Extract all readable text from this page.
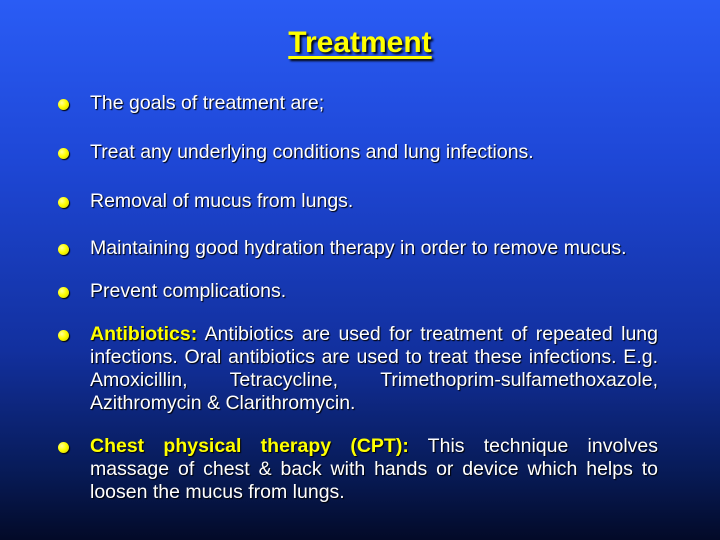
Treatment
The goals of treatment are;
Treat any underlying conditions and lung infections.
Removal of mucus from lungs.
Maintaining good hydration therapy in order to remove mucus.
Prevent complications.
Antibiotics: Antibiotics are used for treatment of repeated lung infections. Oral antibiotics are used to treat these infections. E.g. Amoxicillin, Tetracycline, Trimethoprim-sulfamethoxazole, Azithromycin & Clarithromycin.
Chest physical therapy (CPT): This technique involves massage of chest & back with hands or device which helps to loosen the mucus from lungs.
